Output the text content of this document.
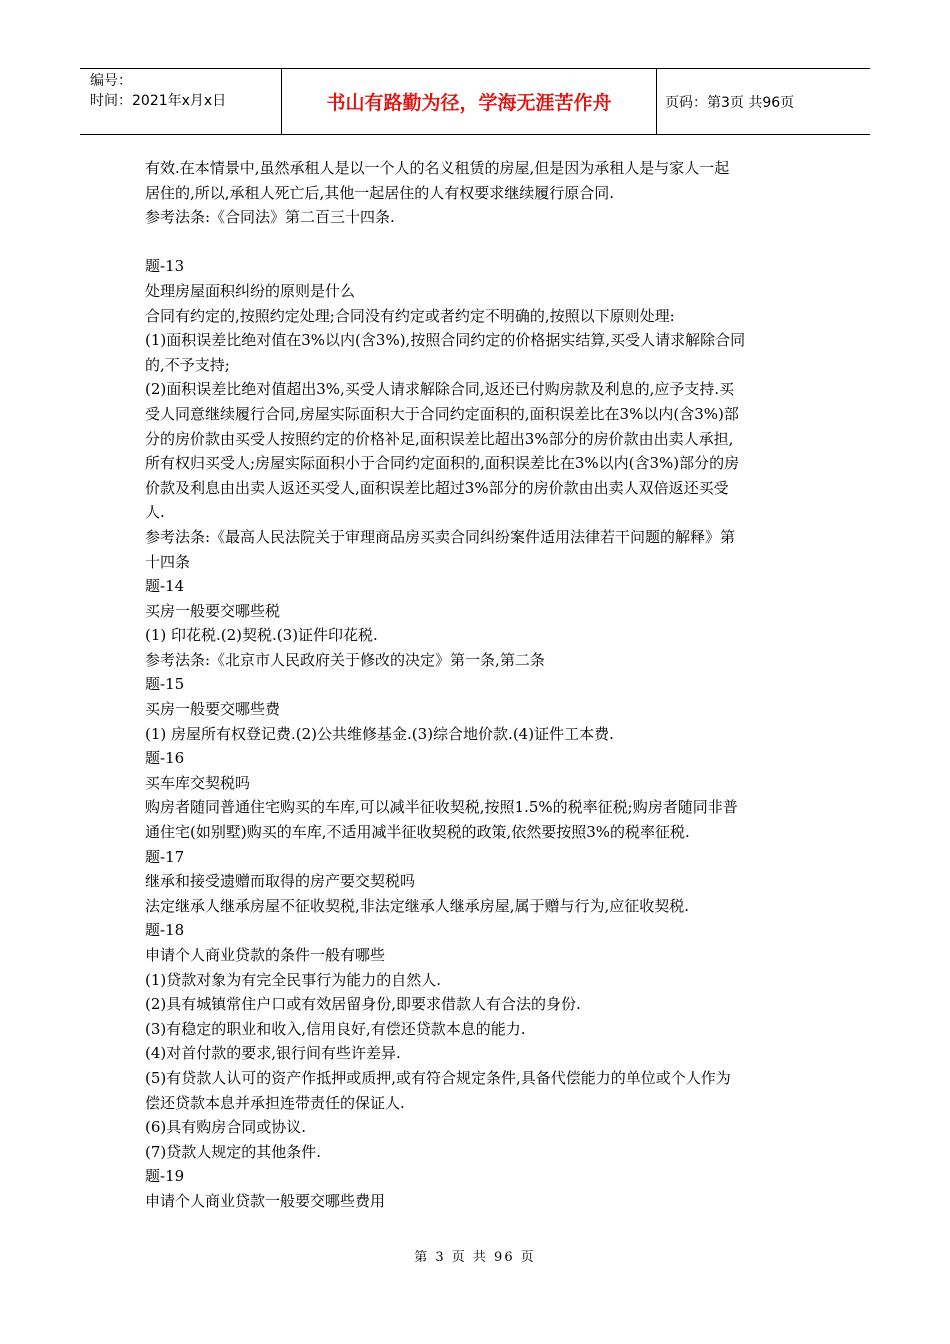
编号：
时间：2021年x月x日	书山有路勤为径，学海无涯苦作舟	页码：第3页 共96页

有效.在本情景中,虽然承租人是以一个人的名义租赁的房屋,但是因为承租人是与家人一起

居住的,所以,承租人死亡后,其他一起居住的人有权要求继续履行原合同.

参考法条:《合同法》第二百三十四条.

题-13

处理房屋面积纠纷的原则是什么

合同有约定的,按照约定处理;合同没有约定或者约定不明确的,按照以下原则处理:

(1)面积误差比绝对值在3%以内(含3%),按照合同约定的价格据实结算,买受人请求解除合同

的,不予支持;

(2)面积误差比绝对值超出3%,买受人请求解除合同,返还已付购房款及利息的,应予支持.买

受人同意继续履行合同,房屋实际面积大于合同约定面积的,面积误差比在3%以内(含3%)部

分的房价款由买受人按照约定的价格补足,面积误差比超出3%部分的房价款由出卖人承担,

所有权归买受人;房屋实际面积小于合同约定面积的,面积误差比在3%以内(含3%)部分的房

价款及利息由出卖人返还买受人,面积误差比超过3%部分的房价款由出卖人双倍返还买受

人.

参考法条:《最高人民法院关于审理商品房买卖合同纠纷案件适用法律若干问题的解释》第

十四条

题-14

买房一般要交哪些税

(1) 印花税.(2)契税.(3)证件印花税.

参考法条:《北京市人民政府关于修改的决定》第一条,第二条

题-15

买房一般要交哪些费

(1) 房屋所有权登记费.(2)公共维修基金.(3)综合地价款.(4)证件工本费.

题-16

买车库交契税吗

购房者随同普通住宅购买的车库,可以减半征收契税,按照1.5%的税率征税;购房者随同非普

通住宅(如别墅)购买的车库,不适用减半征收契税的政策,依然要按照3%的税率征税.

题-17

继承和接受遗赠而取得的房产要交契税吗

法定继承人继承房屋不征收契税,非法定继承人继承房屋,属于赠与行为,应征收契税.

题-18

申请个人商业贷款的条件一般有哪些

(1)贷款对象为有完全民事行为能力的自然人.

(2)具有城镇常住户口或有效居留身份,即要求借款人有合法的身份.

(3)有稳定的职业和收入,信用良好,有偿还贷款本息的能力.

(4)对首付款的要求,银行间有些许差异.

(5)有贷款人认可的资产作抵押或质押,或有符合规定条件,具备代偿能力的单位或个人作为

偿还贷款本息并承担连带责任的保证人.

(6)具有购房合同或协议.

(7)贷款人规定的其他条件.

题-19

申请个人商业贷款一般要交哪些费用

第 3 页 共 96 页
